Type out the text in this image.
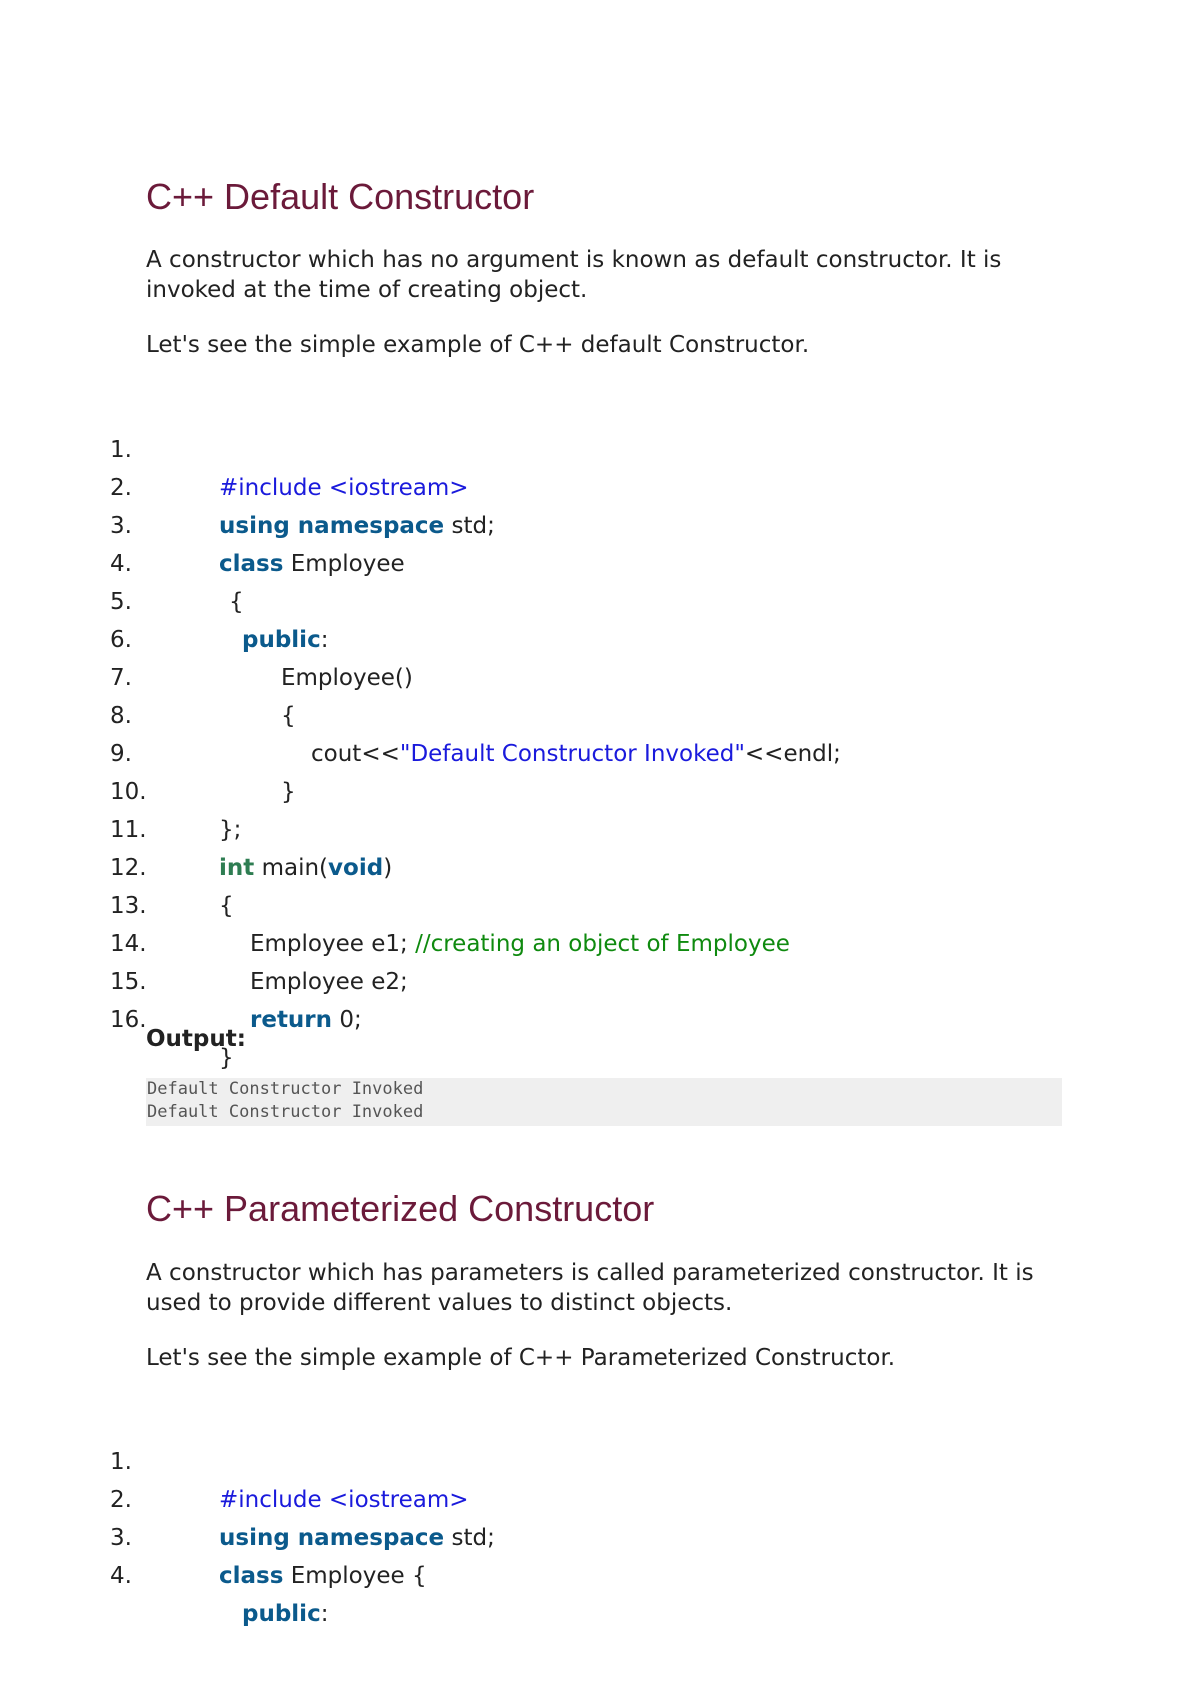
C++ Default Constructor

A constructor which has no argument is known as default constructor. It is invoked at the time of creating object.

Let's see the simple example of C++ default Constructor.

1.

#include <iostream>

2.

using namespace std;

3.

class Employee

4.

{

5.

public:

6.

Employee()

7.

{

8.

cout<<"Default Constructor Invoked"<<endl;

9.

}

10.

};

11.

int main(void)

12.

{

13.

Employee e1; //creating an object of Employee

14.

Employee e2;

15.

return 0;

16.

}

Output:

Default Constructor Invoked
Default Constructor Invoked
C++ Parameterized Constructor

A constructor which has parameters is called parameterized constructor. It is used to provide different values to distinct objects.

Let's see the simple example of C++ Parameterized Constructor.

1.

#include <iostream>

2.

using namespace std;

3.

class Employee {

4.

public:
